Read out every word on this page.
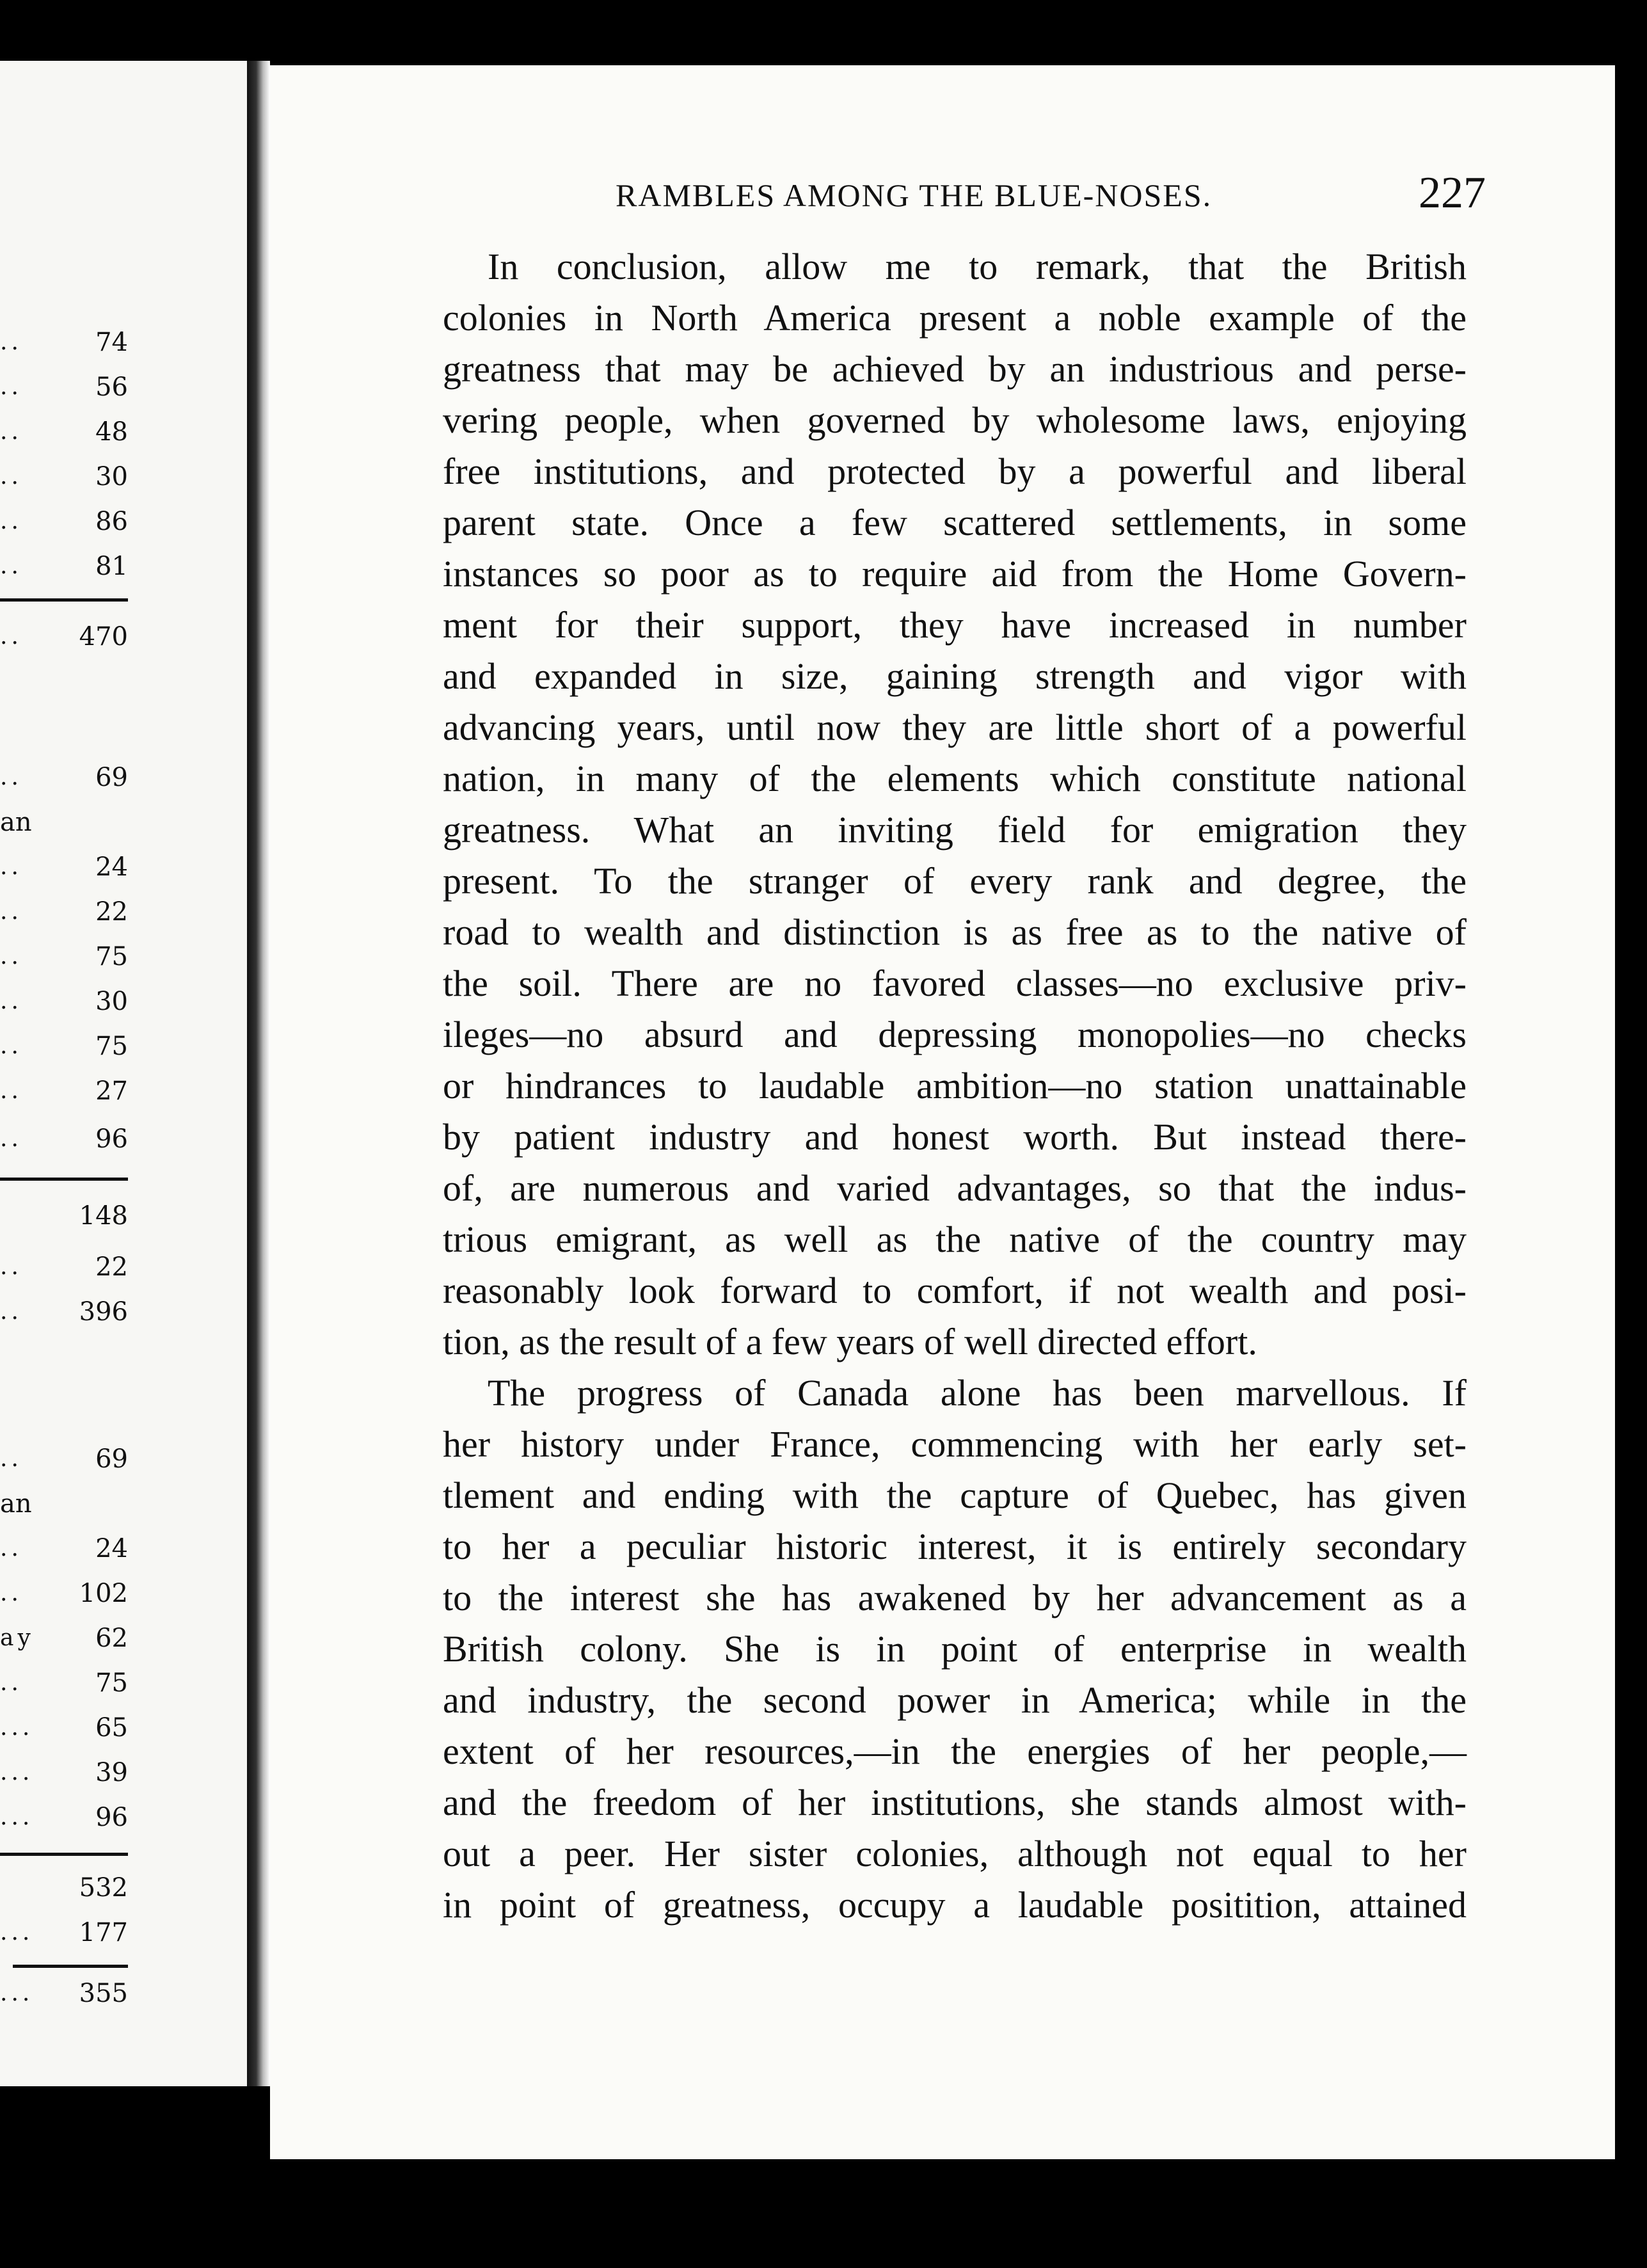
..	74
..	56
..	48
..	30
..	86
..	81
..	470
..	69
an
..	24
..	22
..	75
..	30
..	75
..	27
..	96
148
..	22
..	396
..	69
an
..	24
..	102
ay	62
..	75
...	65
...	39
...	96
532
...	177
...	355
RAMBLES AMONG THE BLUE-NOSES.	227
In conclusion, allow me to remark, that the British
colonies in North America present a noble example of the
greatness that may be achieved by an industrious and perse-
vering people, when governed by wholesome laws, enjoying
free institutions, and protected by a powerful and liberal
parent state. Once a few scattered settlements, in some
instances so poor as to require aid from the Home Govern-
ment for their support, they have increased in number
and expanded in size, gaining strength and vigor with
advancing years, until now they are little short of a powerful
nation, in many of the elements which constitute national
greatness. What an inviting field for emigration they
present. To the stranger of every rank and degree, the
road to wealth and distinction is as free as to the native of
the soil. There are no favored classes—no exclusive priv-
ileges—no absurd and depressing monopolies—no checks
or hindrances to laudable ambition—no station unattainable
by patient industry and honest worth. But instead there-
of, are numerous and varied advantages, so that the indus-
trious emigrant, as well as the native of the country may
reasonably look forward to comfort, if not wealth and posi-
tion, as the result of a few years of well directed effort.
The progress of Canada alone has been marvellous. If
her history under France, commencing with her early set-
tlement and ending with the capture of Quebec, has given
to her a peculiar historic interest, it is entirely secondary
to the interest she has awakened by her advancement as a
British colony. She is in point of enterprise in wealth
and industry, the second power in America; while in the
extent of her resources,—in the energies of her people,—
and the freedom of her institutions, she stands almost with-
out a peer. Her sister colonies, although not equal to her
in point of greatness, occupy a laudable positition, attained
